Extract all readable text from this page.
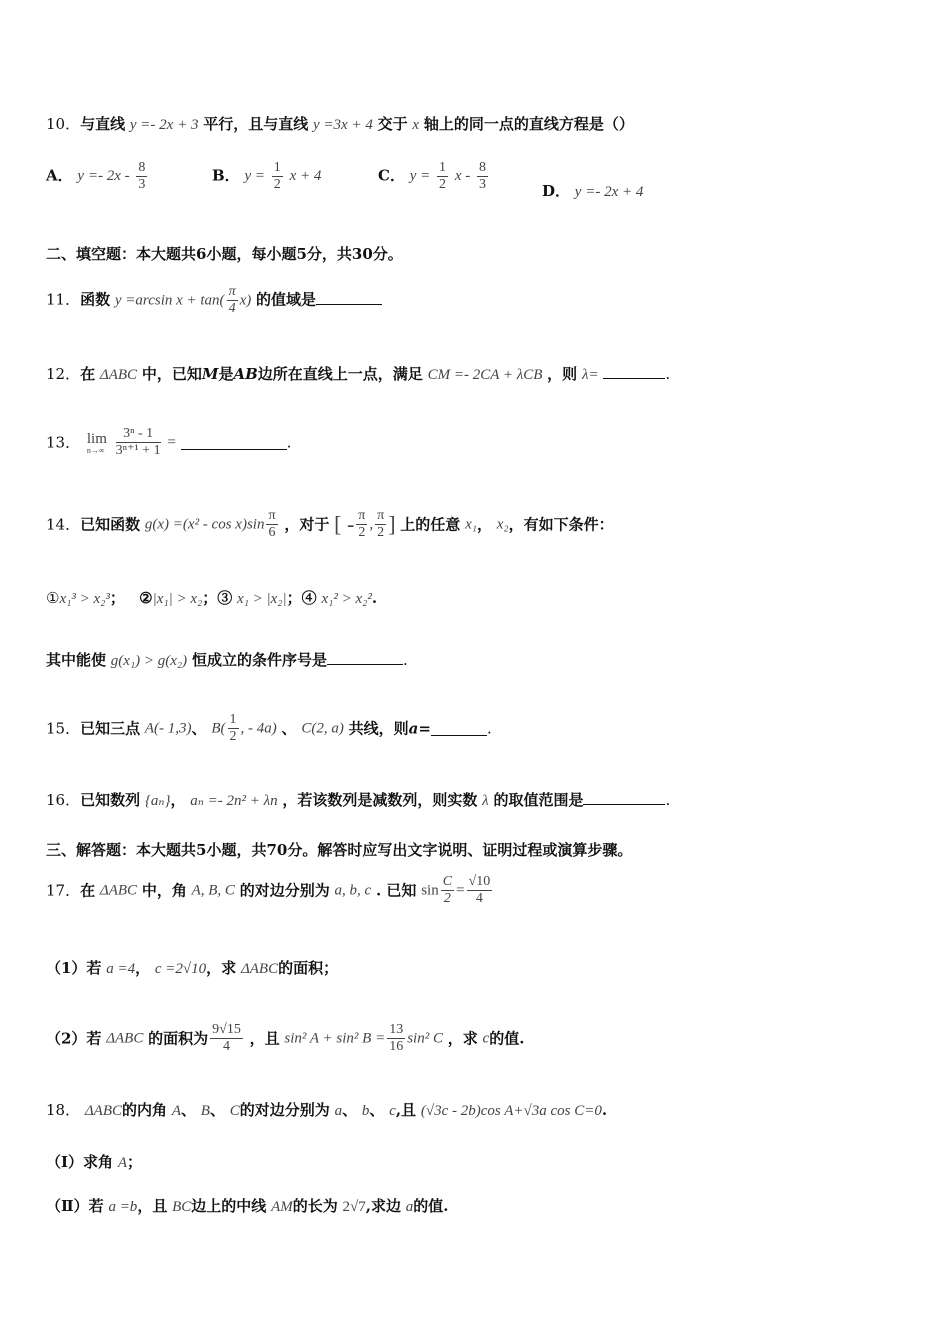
10．与直线 y =- 2x + 3 平行，且与直线 y =3x + 4 交于 x 轴上的同一点的直线方程是（）
A． $y =- 2x - \frac{8}{3}$	B． $y = \frac{1}{2}$ x + 4	C． $y = \frac{1}{2}$ x - $\frac{8}{3}$	D． y =- 2x + 4
二、填空题：本大题共6小题，每小题5分，共30分。
11．函数 y =arcsin $x + \tan( \frac{\pi}{4} x)$ 的值域是
12．在 ΔABC 中，已知M是AB边所在直线上一点，满足 CM =- 2CA + λCB ，则 λ=	.
13． lim
n→∞
$\frac{\text{3ⁿ - 1}}{\text{3ⁿ⁺¹ + 1}}$ =	.
14．已知函数 $g(x) =(x^2 - \cos x)\sin \frac{\pi}{6}$ ，对于 [ - $\frac{\pi}{2}$ , $\frac{\pi}{2}$ ] 上的任意 x₁， x₂，有如下条件：
①x₁³ > x₂³； ②|x₁| > x₂；③ x₁ > |x₂|；④ x₁² > x₂².
其中能使 g(x₁) > g(x₂) 恒成立的条件序号是	.
15．已知三点 A(- 1,3)、 $B( \frac{1}{2}$ , - 4a) 、 C(2, a) 共线，则a=	.
16．已知数列 {aₙ}， aₙ =- 2n² + λn ，若该数列是减数列，则实数 λ 的取值范围是	.
三、解答题：本大题共5小题，共70分。解答时应写出文字说明、证明过程或演算步骤。
17．在 ΔABC 中，角 A, B, C 的对边分别为 a, b, c . 已知 $\sin \frac{C}{2} = \frac{√10}{4}$
（1）若 a =4， c =2√10，求 ΔABC的面积；
（2）若 ΔABC 的面积为 $\frac{9√15}{4}$ ，且 sin² A + sin² $B = \frac{13}{16} \sin^2$ C ，求 c的值.
18． ΔABC的内角 A、 B、 C的对边分别为 a、 b、 c,且 (√3c - 2b)cos A+√3a cos C=0.
（Ⅰ）求角 A；
（Ⅱ）若 a =b，且 BC边上的中线 AM的长为 2√7,求边 a的值.
